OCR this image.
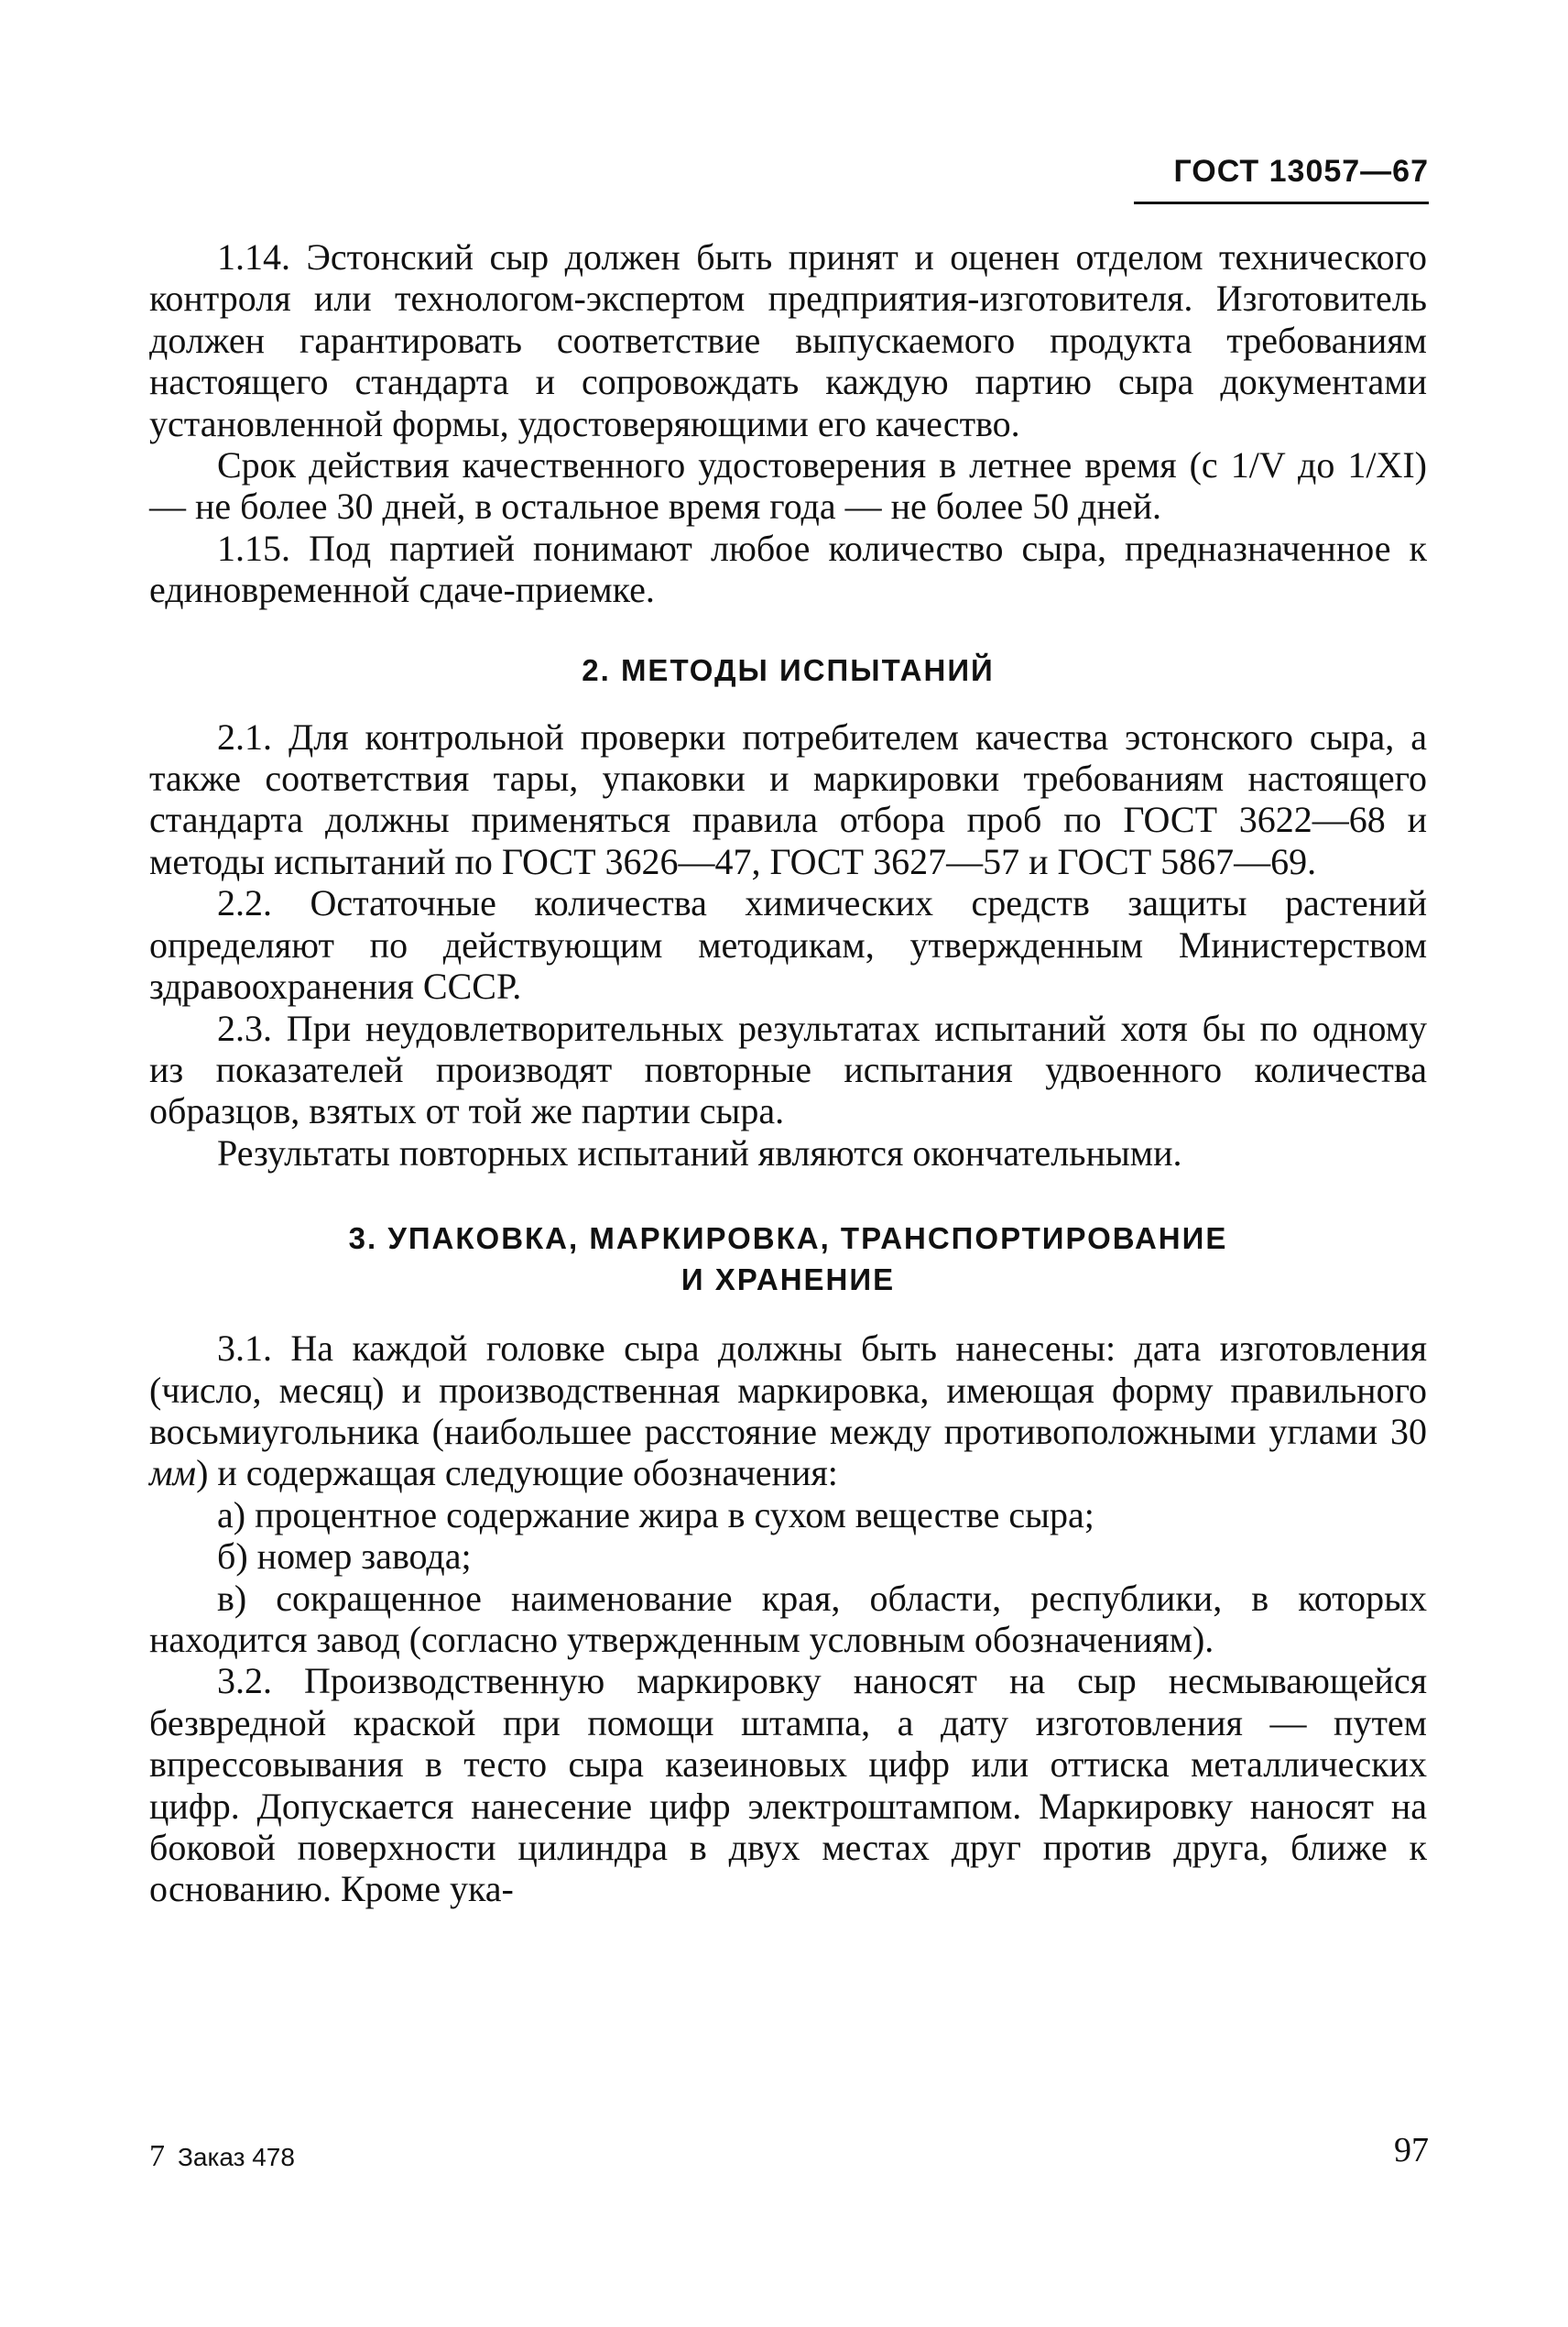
ГОСТ 13057—67

1.14. Эстонский сыр должен быть принят и оценен отделом технического контроля или технологом-экспертом предприятия-изготовителя. Изготовитель должен гарантировать соответствие выпускаемого продукта требованиям настоящего стандарта и сопровождать каждую партию сыра документами установленной формы, удостоверяющими его качество.

Срок действия качественного удостоверения в летнее время (с 1/V до 1/XI) — не более 30 дней, в остальное время года — не более 50 дней.

1.15. Под партией понимают любое количество сыра, предназначенное к единовременной сдаче-приемке.

2. МЕТОДЫ ИСПЫТАНИЙ

2.1. Для контрольной проверки потребителем качества эстонского сыра, а также соответствия тары, упаковки и маркировки требованиям настоящего стандарта должны применяться правила отбора проб по ГОСТ 3622—68 и методы испытаний по ГОСТ 3626—47, ГОСТ 3627—57 и ГОСТ 5867—69.

2.2. Остаточные количества химических средств защиты растений определяют по действующим методикам, утвержденным Министерством здравоохранения СССР.

2.3. При неудовлетворительных результатах испытаний хотя бы по одному из показателей производят повторные испытания удвоенного количества образцов, взятых от той же партии сыра.

Результаты повторных испытаний являются окончательными.

3. УПАКОВКА, МАРКИРОВКА, ТРАНСПОРТИРОВАНИЕ
И ХРАНЕНИЕ

3.1. На каждой головке сыра должны быть нанесены: дата изготовления (число, месяц) и производственная маркировка, имеющая форму правильного восьмиугольника (наибольшее расстояние между противоположными углами 30 мм) и содержащая следующие обозначения:

а) процентное содержание жира в сухом веществе сыра;

б) номер завода;

в) сокращенное наименование края, области, республики, в которых находится завод (согласно утвержденным условным обозначениям).

3.2. Производственную маркировку наносят на сыр несмывающейся безвредной краской при помощи штампа, а дату изготовления — путем впрессовывания в тесто сыра казеиновых цифр или оттиска металлических цифр. Допускается нанесение цифр электроштампом. Маркировку наносят на боковой поверхности цилиндра в двух местах друг против друга, ближе к основанию. Кроме ука-

7 Заказ 478	97
